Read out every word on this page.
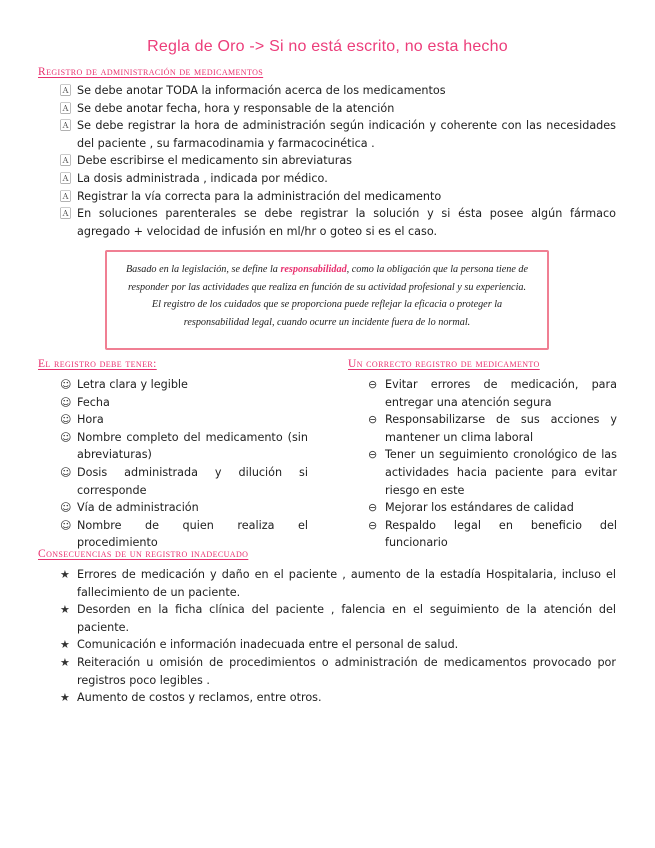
Regla de Oro -> Si no está escrito, no esta hecho
Registro de administración de medicamentos
🄰 Se debe anotar TODA la información acerca de los medicamentos
🄰 Se debe anotar fecha, hora y responsable de la atención
🄰 Se debe registrar la hora de administración según indicación y coherente con las necesidades del paciente , su farmacodinamia y farmacocinética .
🄰 Debe escribirse el medicamento sin abreviaturas
🄰 La dosis administrada , indicada por médico.
🄰 Registrar la vía correcta para la administración del medicamento
🄰 En soluciones parenterales se debe registrar la solución y si ésta posee algún fármaco agregado + velocidad de infusión en ml/hr o goteo si es el caso.
Basado en la legislación, se define la responsabilidad, como la obligación que la persona tiene de responder por las actividades que realiza en función de su actividad profesional y su experiencia.
El registro de los cuidados que se proporciona puede reflejar la eficacia o proteger la responsabilidad legal, cuando ocurre un incidente fuera de lo normal.
El registro debe tener:
☺ Letra clara y legible
☺ Fecha
☺ Hora
☺ Nombre completo del medicamento (sin abreviaturas)
☺ Dosis administrada y dilución si corresponde
☺ Vía de administración
☺ Nombre de quien realiza el procedimiento
Un correcto registro de medicamento
⊖ Evitar errores de medicación, para entregar una atención segura
⊖ Responsabilizarse de sus acciones y mantener un clima laboral
⊖ Tener un seguimiento cronológico de las actividades hacia paciente para evitar riesgo en este
⊖ Mejorar los estándares de calidad
⊖ Respaldo legal en beneficio del funcionario
Consecuencias de un registro inadecuado
★ Errores de medicación y daño en el paciente , aumento de la estadía Hospitalaria, incluso el fallecimiento de un paciente.
★ Desorden en la ficha clínica del paciente , falencia en el seguimiento de la atención del paciente.
★ Comunicación e información inadecuada entre el personal de salud.
★ Reiteración u omisión de procedimientos o administración de medicamentos provocado por registros poco legibles .
★ Aumento de costos y reclamos, entre otros.
